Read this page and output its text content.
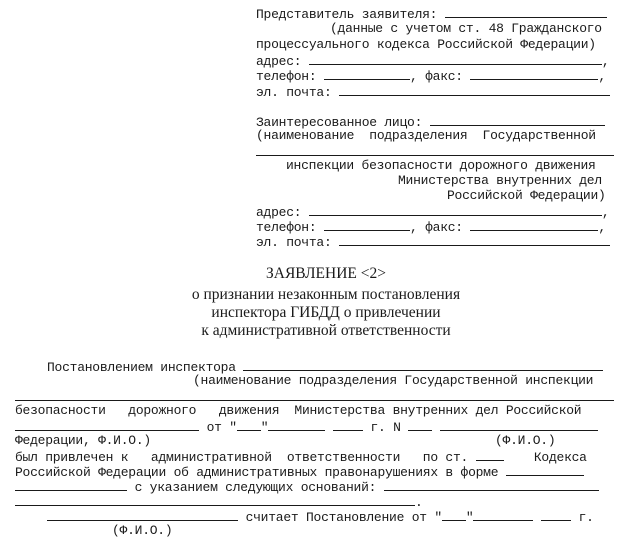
Представитель заявителя:
(данные с учетом ст. 48 Гражданского
процессуального кодекса Российской Федерации)
адрес:	,
телефон:	, факс:	,
эл. почта:
Заинтересованное лицо:
(наименование  подразделения  Государственной
инспекции безопасности дорожного движения
Министерства внутренних дел
Российской Федерации)
адрес:	,
телефон:	, факс:	,
эл. почта:
ЗАЯВЛЕНИЕ <2>
о признании незаконным постановления
инспектора ГИБДД о привлечении
к административной ответственности
Постановлением инспектора
(наименование подразделения Государственной инспекции
безопасности   дорожного   движения  Министерства внутренних дел Российской
от " "	г. N
Федерации, Ф.И.О.)	(Ф.И.О.)
был привлечен к   административной  ответственности   по ст.	Кодекса
Российской Федерации об административных правонарушениях в форме
с указанием следующих оснований:
.
считает Постановление от " "	г.
(Ф.И.О.)
